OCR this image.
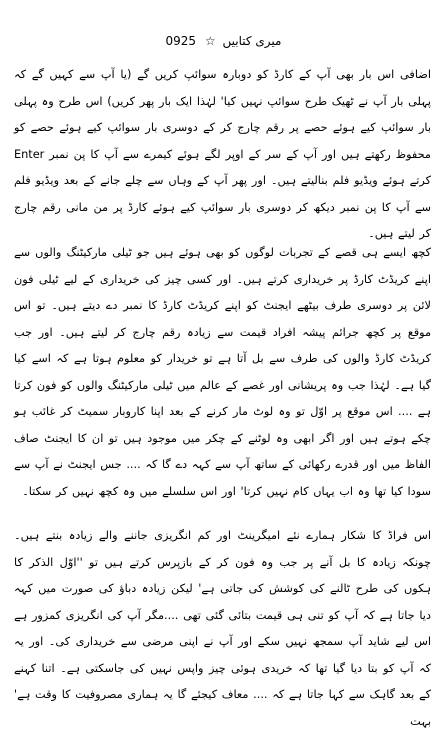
0925 ☆ میری کتابیں
اضافی اس بار بھی آپ کے کارڈ کو دوبارہ سوائپ کریں گے (یا آپ سے کہیں گے کہ پہلی بار آپ نے ٹھیک طرح سوائپ نہیں کیا' لہٰذا ایک بار پھر کریں) اس طرح وہ پہلی بار سوائپ کیے ہوئے حصے پر رقم چارج کر کے دوسری بار سوائپ کیے ہوئے حصے کو محفوظ رکھتے ہیں اور آپ کے سر کے اوپر لگے ہوئے کیمرے سے آپ کا پن نمبر Enter کرتے ہوئے ویڈیو فلم بنالیتے ہیں۔ اور پھر آپ کے وہاں سے چلے جانے کے بعد ویڈیو فلم سے آپ کا پن نمبر دیکھ کر دوسری بار سوائپ کیے ہوئے کارڈ پر من مانی رقم چارج کر لیتے ہیں۔
کچھ ایسے ہی قصے کے تجربات لوگوں کو بھی ہوئے ہیں جو ٹیلی مارکیٹنگ والوں سے اپنے کریڈٹ کارڈ پر خریداری کرتے ہیں۔ اور کسی چیز کی خریداری کے لیے ٹیلی فون لائن پر دوسری طرف بیٹھے ایجنٹ کو اپنے کریڈٹ کارڈ کا نمبر دے دیتے ہیں۔ تو اس موقع پر کچھ جرائم پیشہ افراد قیمت سے زیادہ رقم چارج کر لیتے ہیں۔ اور جب کریڈٹ کارڈ والوں کی طرف سے بل آتا ہے تو خریدار کو معلوم ہوتا ہے کہ اسے کیا گیا ہے۔ لہٰذا جب وہ پریشانی اور غصے کے عالم میں ٹیلی مارکیٹنگ والوں کو فون کرتا ہے .... اس موقع پر اوّل تو وہ لوٹ مار کرنے کے بعد اپنا کاروبار سمیٹ کر غائب ہو چکے ہوتے ہیں اور اگر ابھی وہ لوٹنے کے چکر میں موجود ہیں تو ان کا ایجنٹ صاف الفاظ میں اور قدرے رکھائی کے ساتھ آپ سے کہہ دے گا کہ .... جس ایجنٹ نے آپ سے سودا کیا تھا وہ اب یہاں کام نہیں کرتا' اور اس سلسلے میں وہ کچھ نہیں کر سکتا۔
اس فراڈ کا شکار ہمارے نئے امیگرینٹ اور کم انگریزی جاننے والے زیادہ بنتے ہیں۔ چونکہ زیادہ کا بل آنے پر جب وہ فون کر کے بازپرس کرتے ہیں تو ''اوّل الذکر کا ہکوں کی طرح ٹالنے کی کوشش کی جاتی ہے' لیکن زیادہ دباؤ کی صورت میں کہہ دیا جاتا ہے کہ آپ کو تنی ہی قیمت بتائی گئی تھی ....مگر آپ کی انگریزی کمزور ہے اس لیے شاید آپ سمجھ نہیں سکے اور آپ نے اپنی مرضی سے خریداری کی۔ اور یہ کہ آپ کو بتا دیا گیا تھا کہ خریدی ہوئی چیز واپس نہیں کی جاسکتی ہے۔ اتنا کہنے کے بعد گاہک سے کہا جاتا ہے کہ .... معاف کیجئے گا یہ ہماری مصروفیت کا وقت ہے' بہت
